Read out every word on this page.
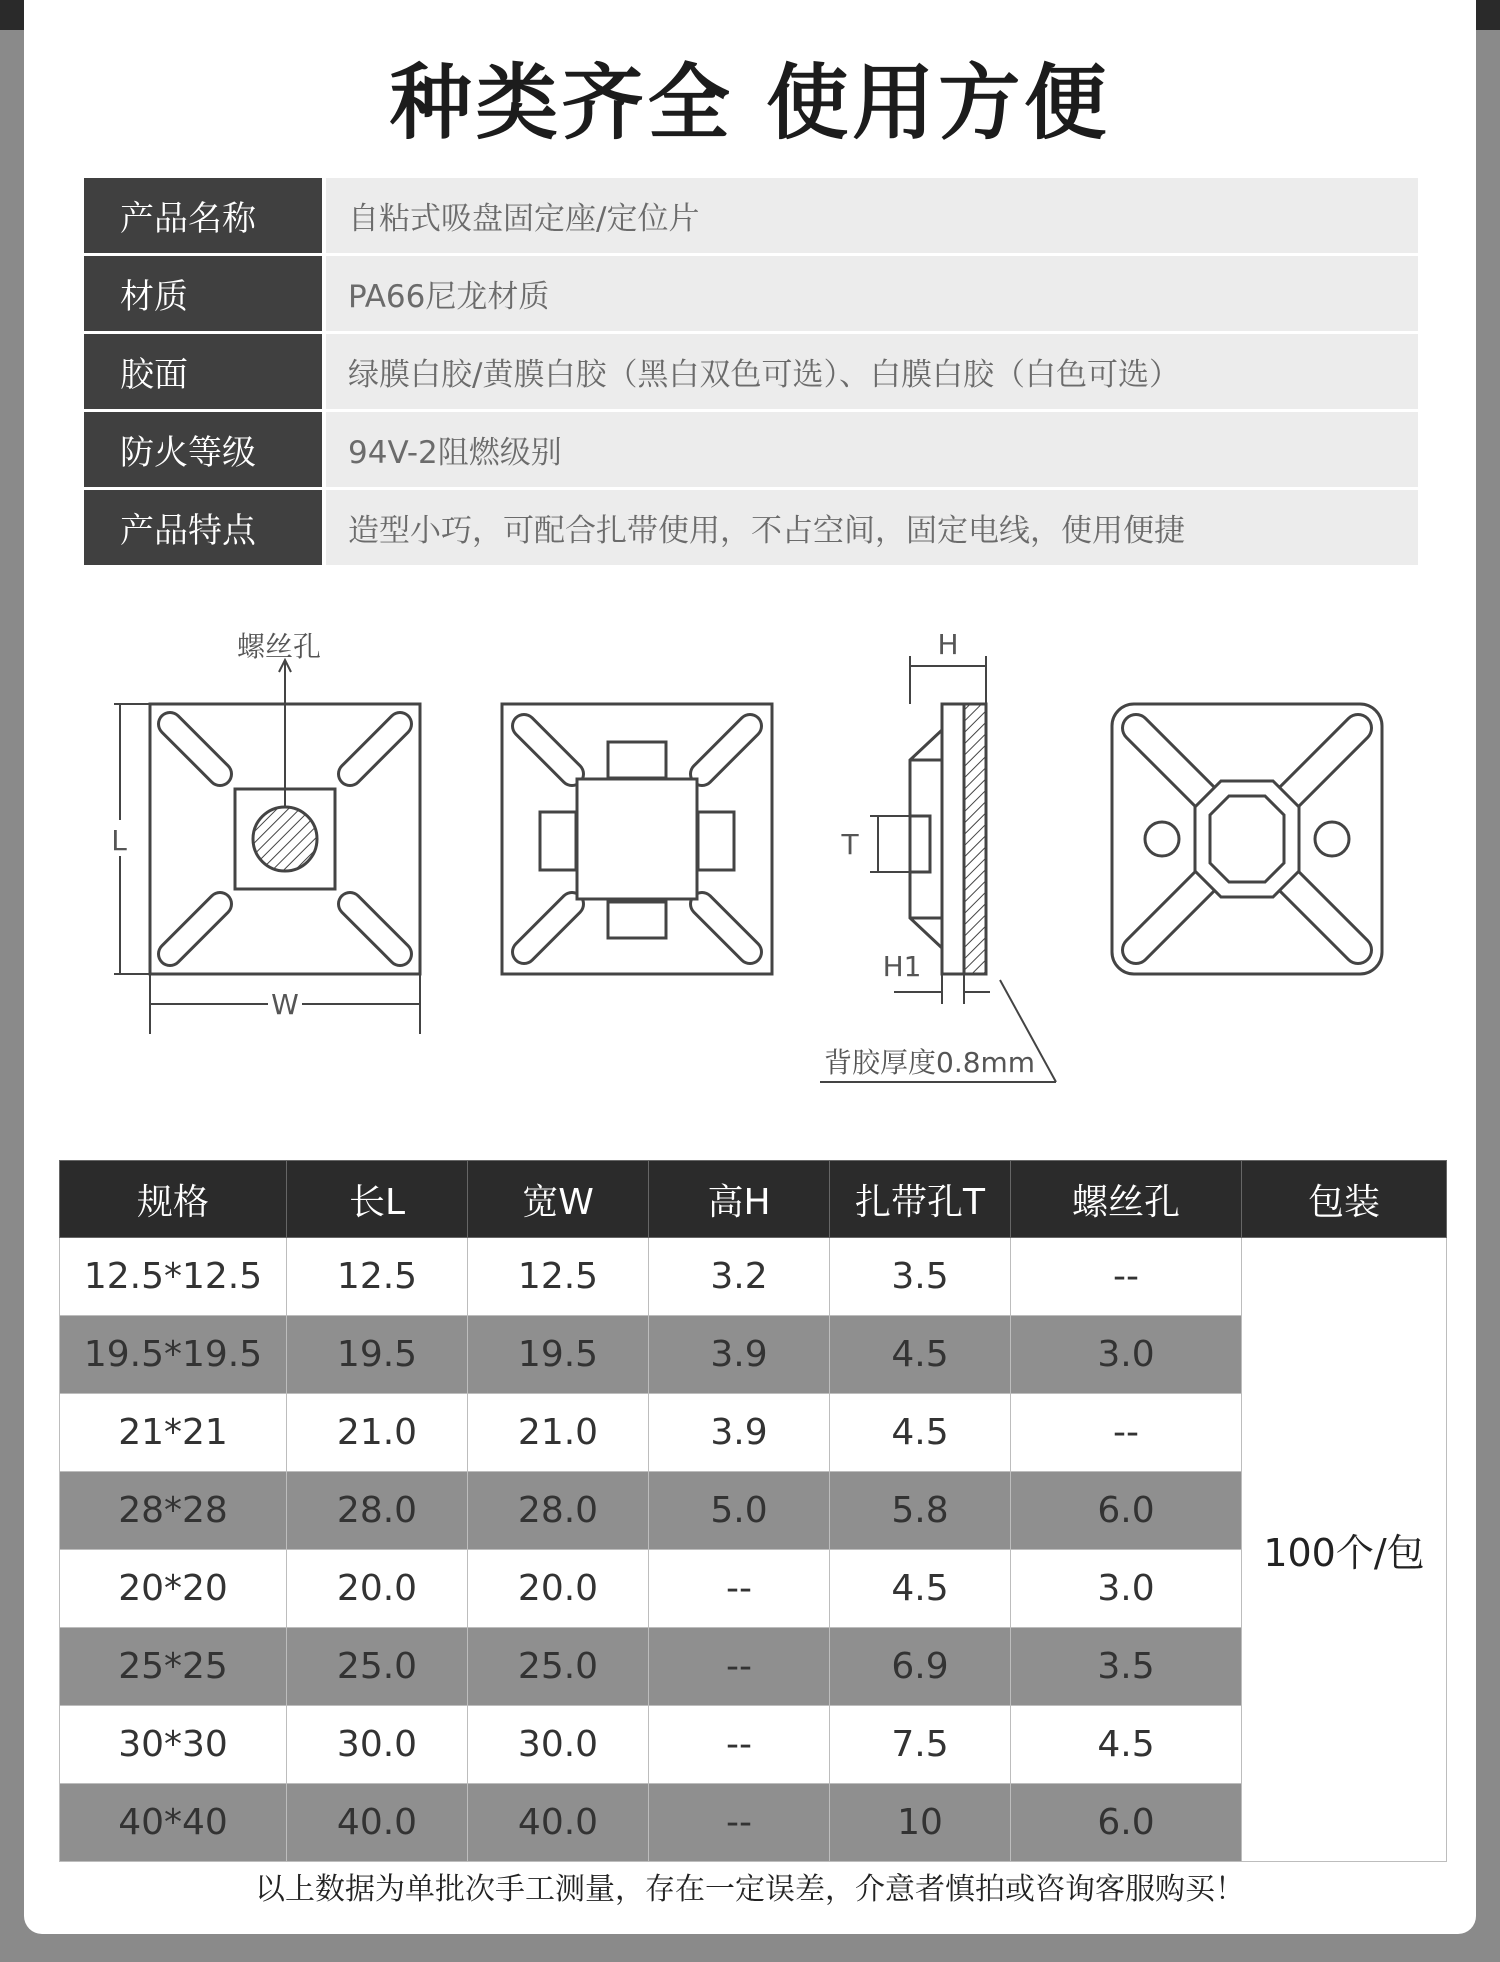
种类齐全 使用方便
产品名称	自粘式吸盘固定座/定位片
材质	PA66尼龙材质
胶面	绿膜白胶/黄膜白胶（黑白双色可选）、白膜白胶（白色可选）
防火等级	94V-2阻燃级别
产品特点	造型小巧，可配合扎带使用，不占空间，固定电线，使用便捷
螺丝孔
L
W
H
T
H1
背胶厚度0.8mm
规格	长L	宽W	高H	扎带孔T	螺丝孔	包装
12.5*12.5	12.5	12.5	3.2	3.5	--	100个/包
19.5*19.5	19.5	19.5	3.9	4.5	3.0	
21*21	21.0	21.0	3.9	4.5	--	
28*28	28.0	28.0	5.0	5.8	6.0	
20*20	20.0	20.0	--	4.5	3.0	
25*25	25.0	25.0	--	6.9	3.5	
30*30	30.0	30.0	--	7.5	4.5	
40*40	40.0	40.0	--	10	6.0	
以上数据为单批次手工测量，存在一定误差，介意者慎拍或咨询客服购买！
